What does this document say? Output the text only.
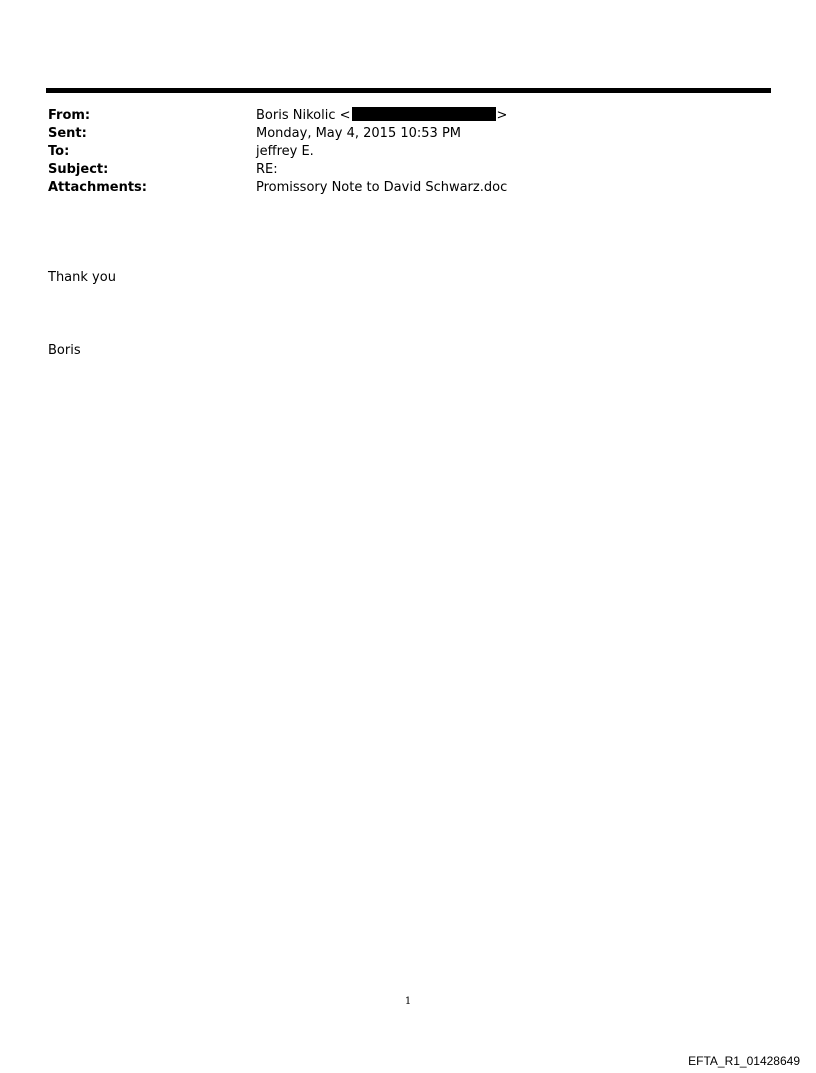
From:	Boris Nikolic <	>
Sent:	Monday, May 4, 2015 10:53 PM
To:	jeffrey E.
Subject:	RE:
Attachments:	Promissory Note to David Schwarz.doc
Thank you
Boris
1
EFTA_R1_01428649
